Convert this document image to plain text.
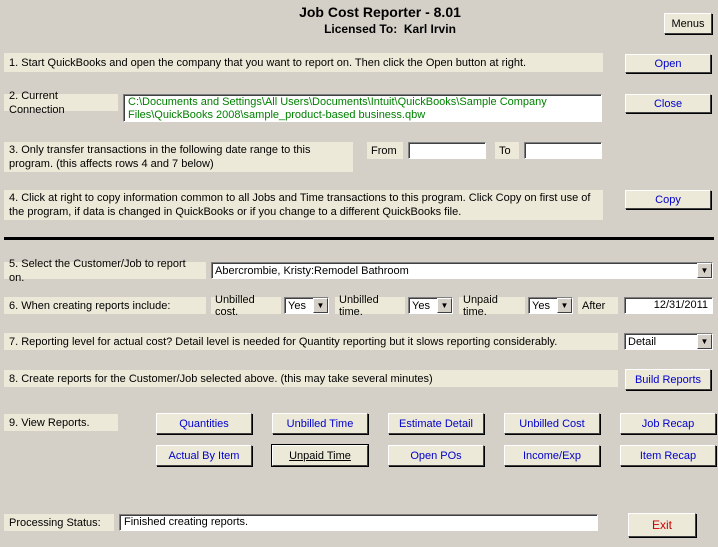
Job Cost Reporter - 8.01
Licensed To: Karl Irvin	Menus
1. Start QuickBooks and open the company that you want to report on. Then click the Open button at right.	Open
2. Current Connection
C:\Documents and Settings\All Users\Documents\Intuit\QuickBooks\Sample Company Files\QuickBooks 2008\sample_product-based business.qbw
Close
3. Only transfer transactions in the following date range to this program. (this affects rows 4 and 7 below)
From	To
4. Click at right to copy information common to all Jobs and Time transactions to this program. Click Copy on first use of the program, if data is changed in QuickBooks or if you change to a different QuickBooks file.
Copy
5. Select the Customer/Job to report on.
Abercrombie, Kristy:Remodel Bathroom	▼
6. When creating reports include:	Unbilled cost.	Yes	▼	Unbilled time.	Yes	▼	Unpaid time.	Yes	▼	After	12/31/2011
7. Reporting level for actual cost? Detail level is needed for Quantity reporting but it slows reporting considerably.	Detail	▼
8. Create reports for the Customer/Job selected above. (this may take several minutes)	Build Reports
9. View Reports.	Quantities	Unbilled Time	Estimate Detail	Unbilled Cost	Job Recap
Actual By Item	Unpaid Time	Open POs	Income/Exp	Item Recap
Processing Status:	Finished creating reports.	Exit
